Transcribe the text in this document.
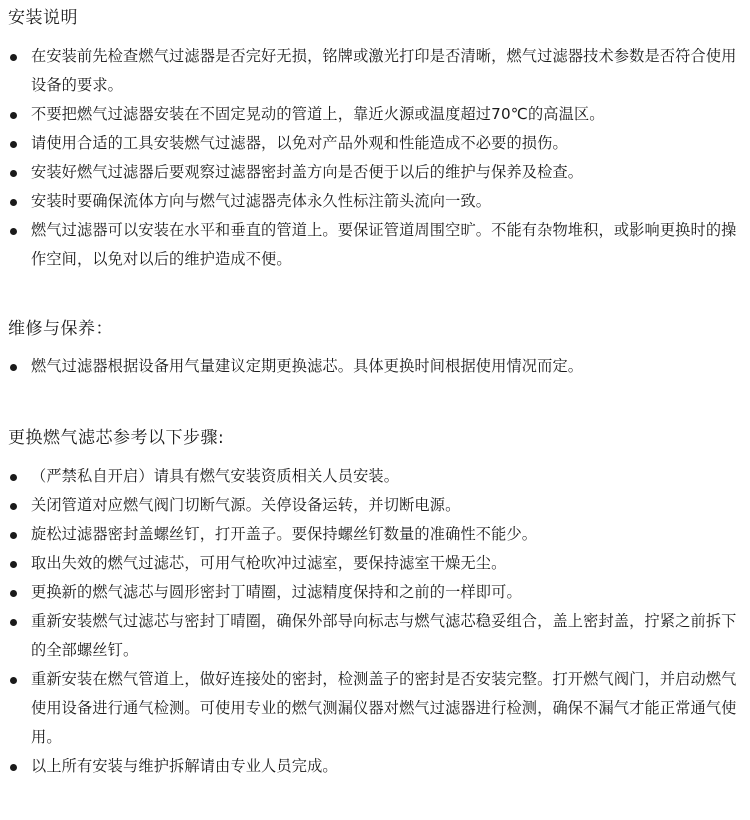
安装说明
在安装前先检查燃气过滤器是否完好无损，铭牌或激光打印是否清晰，燃气过滤器技术参数是否符合使用设备的要求。
不要把燃气过滤器安装在不固定晃动的管道上，靠近火源或温度超过70℃的高温区。
请使用合适的工具安装燃气过滤器，以免对产品外观和性能造成不必要的损伤。
安装好燃气过滤器后要观察过滤器密封盖方向是否便于以后的维护与保养及检查。
安装时要确保流体方向与燃气过滤器壳体永久性标注箭头流向一致。
燃气过滤器可以安装在水平和垂直的管道上。要保证管道周围空旷。不能有杂物堆积，或影响更换时的操作空间，以免对以后的维护造成不便。
维修与保养：
燃气过滤器根据设备用气量建议定期更换滤芯。具体更换时间根据使用情况而定。
更换燃气滤芯参考以下步骤:
（严禁私自开启）请具有燃气安装资质相关人员安装。
关闭管道对应燃气阀门切断气源。关停设备运转，并切断电源。
旋松过滤器密封盖螺丝钉，打开盖子。要保持螺丝钉数量的准确性不能少。
取出失效的燃气过滤芯，可用气枪吹冲过滤室，要保持滤室干燥无尘。
更换新的燃气滤芯与圆形密封丁晴圈，过滤精度保持和之前的一样即可。
重新安装燃气过滤芯与密封丁晴圈，确保外部导向标志与燃气滤芯稳妥组合，盖上密封盖，拧紧之前拆下的全部螺丝钉。
重新安装在燃气管道上，做好连接处的密封，检测盖子的密封是否安装完整。打开燃气阀门，并启动燃气使用设备进行通气检测。可使用专业的燃气测漏仪器对燃气过滤器进行检测，确保不漏气才能正常通气使用。
以上所有安装与维护拆解请由专业人员完成。
